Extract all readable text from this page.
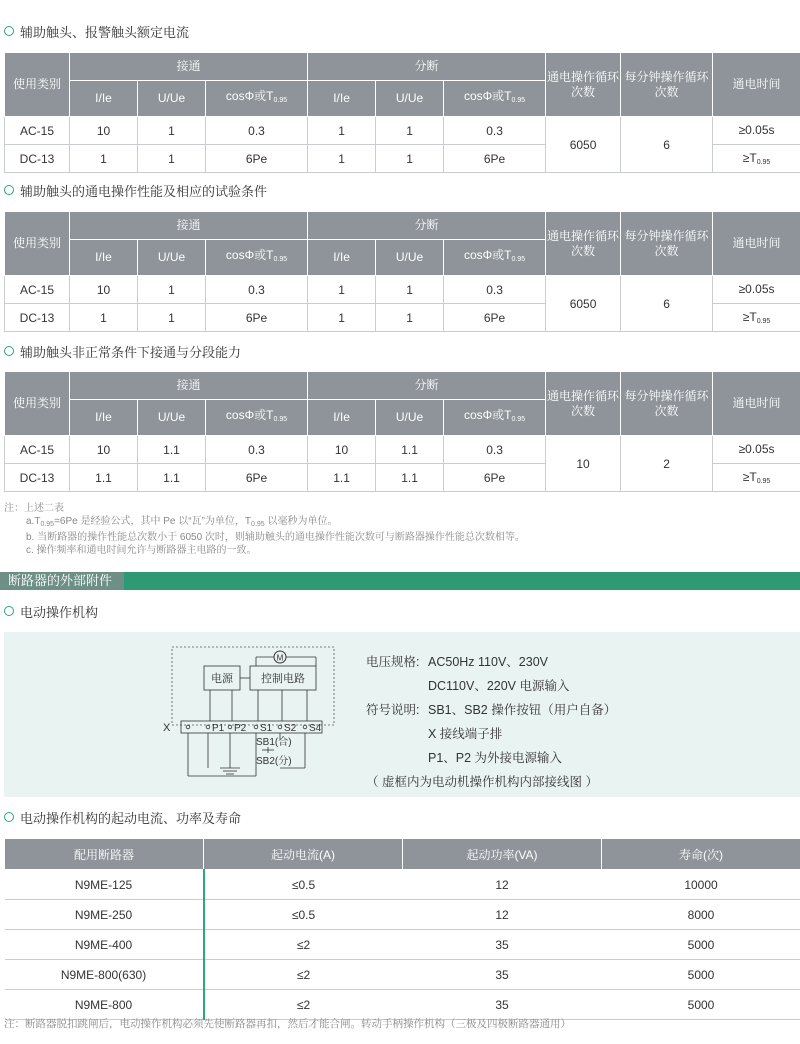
辅助触头、报警触头额定电流
使用类别	接通			分断			通电操作循环次数	每分钟操作循环次数	通电时间
	I/Ie	U/Ue	cosΦ或$T_{0.95}$	I/Ie	U/Ue	cosΦ或$T_{0.95}$
AC-15	10	1	0.3	1	1	0.3	6050	6	≥0.05s
DC-13	1	1	6Pe	1	1	6Pe			$\ge T_{0.95}$
辅助触头的通电操作性能及相应的试验条件
使用类别	接通			分断			通电操作循环次数	每分钟操作循环次数	通电时间
	I/Ie	U/Ue	cosΦ或$T_{0.95}$	I/Ie	U/Ue	cosΦ或$T_{0.95}$
AC-15	10	1	0.3	1	1	0.3	6050	6	≥0.05s
DC-13	1	1	6Pe	1	1	6Pe			$\ge T_{0.95}$
辅助触头非正常条件下接通与分段能力
使用类别	接通			分断			通电操作循环次数	每分钟操作循环次数	通电时间
	I/Ie	U/Ue	cosΦ或$T_{0.95}$	I/Ie	U/Ue	cosΦ或$T_{0.95}$
AC-15	10	1.1	0.3	10	1.1	0.3	10	2	≥0.05s
DC-13	1.1	1.1	6Pe	1.1	1.1	6Pe			$\ge T_{0.95}$
注：上述二表
$a.T_{0.95}=6Pe$ 是经验公式，其中 Pe 以“瓦”为单位，$T_{0.95}$ 以毫秒为单位。
b. 当断路器的操作性能总次数小于 6050 次时，则辅助触头的通电操作性能次数可与断路器操作性能总次数相等。
c. 操作频率和通电时间允许与断路器主电路的一致。
断路器的外部附件
电动操作机构
M
电源	控制电路
X	P1 P2 S1 S2 S4
SB1(合)
SB2(分)
电压规格: AC50Hz 110V、230V
DC110V、220V 电源输入
符号说明: SB1、SB2 操作按钮（用户自备）
X 接线端子排
P1、P2 为外接电源输入
（ 虚框内为电动机操作机构内部接线图 ）
电动操作机构的起动电流、功率及寿命
配用断路器	起动电流(A)	起动功率(VA)	寿命(次)
N9ME-125	≤0.5	12	10000
N9ME-250	≤0.5	12	8000
N9ME-400	≤2	35	5000
N9ME-800(630)	≤2	35	5000
N9ME-800	≤2	35	5000
注：断路器脱扣跳闸后，电动操作机构必须先使断路器再扣，然后才能合闸。转动手柄操作机构（三极及四极断路器通用）
